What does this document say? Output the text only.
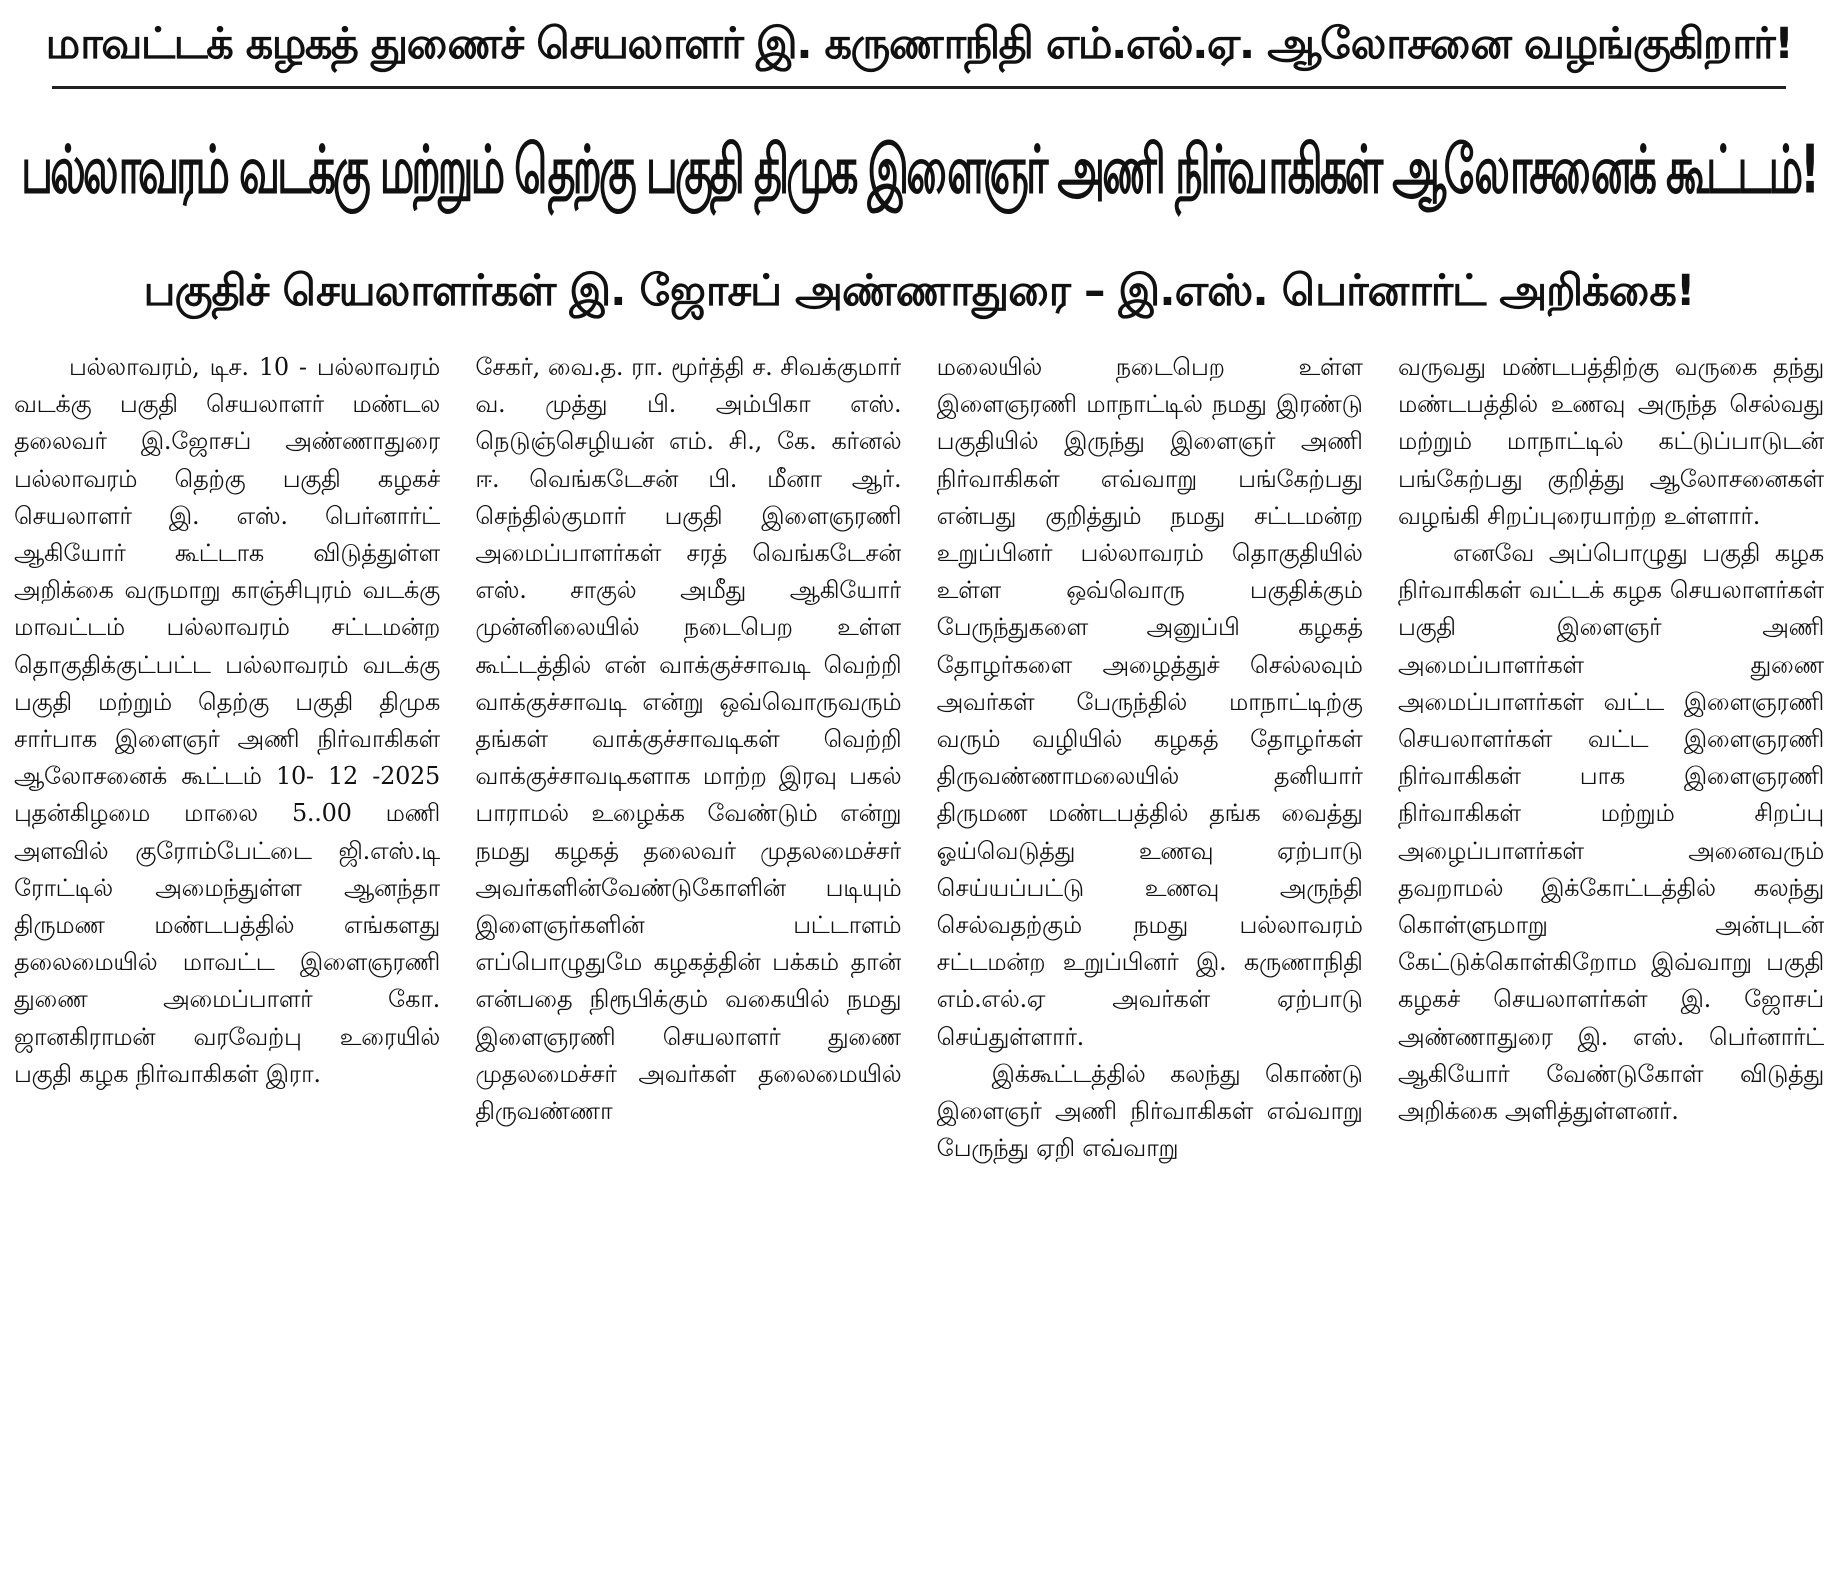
மாவட்டக் கழகத் துணைச் செயலாளர் இ. கருணாநிதி எம்.எல்.ஏ. ஆலோசனை வழங்குகிறார்!
பல்லாவரம் வடக்கு மற்றும் தெற்கு பகுதி திமுக இளைஞர் அணி நிர்வாகிகள் ஆலோசனைக் கூட்டம்!
பகுதிச் செயலாளர்கள் இ. ஜோசப் அண்ணாதுரை – இ.எஸ். பெர்னார்ட் அறிக்கை!

பல்லாவரம், டிச. 10 - பல்லாவரம் வடக்கு பகுதி செயலாளர் மண்டல தலைவர் இ.ஜோசப் அண்ணாதுரை பல்லாவரம் தெற்கு பகுதி கழகச் செயலாளர் இ. எஸ். பெர்னார்ட் ஆகியோர் கூட்டாக விடுத்துள்ள அறிக்கை வருமாறு காஞ்சிபுரம் வடக்கு மாவட்டம் பல்லாவரம் சட்டமன்ற தொகுதிக்குட்பட்ட பல்லாவரம் வடக்கு பகுதி மற்றும் தெற்கு பகுதி திமுக சார்பாக இளைஞர் அணி நிர்வாகிகள் ஆலோசனைக் கூட்டம் 10- 12 -2025 புதன்கிழமை மாலை 5..00 மணி அளவில் குரோம்பேட்டை ஜி.எஸ்.டி ரோட்டில் அமைந்துள்ள ஆனந்தா திருமண மண்டபத்தில் எங்களது தலைமையில் மாவட்ட இளைஞரணி துணை அமைப்பாளர் கோ. ஜானகிராமன் வரவேற்பு உரையில் பகுதி கழக நிர்வாகிகள் இரா.

சேகர், வை.த. ரா. மூர்த்தி ச. சிவக்குமார் வ. முத்து பி. அம்பிகா எஸ். நெடுஞ்செழியன் எம். சி., கே. கர்னல் ஈ. வெங்கடேசன் பி. மீனா ஆர். செந்தில்குமார் பகுதி இளைஞரணி அமைப்பாளர்கள் சரத் வெங்கடேசன் எஸ். சாகுல் அமீது ஆகியோர் முன்னிலையில் நடைபெற உள்ள கூட்டத்தில் என் வாக்குச்சாவடி வெற்றி வாக்குச்சாவடி என்று ஒவ்வொருவரும் தங்கள் வாக்குச்சாவடிகள் வெற்றி வாக்குச்சாவடிகளாக மாற்ற இரவு பகல் பாராமல் உழைக்க வேண்டும் என்று நமது கழகத் தலைவர் முதலமைச்சர் அவர்களின்வேண்டுகோளின் படியும் இளைஞர்களின் பட்டாளம் எப்பொழுதுமே கழகத்தின் பக்கம் தான் என்பதை நிரூபிக்கும் வகையில் நமது இளைஞரணி செயலாளர் துணை முதலமைச்சர் அவர்கள் தலைமையில் திருவண்ணா

மலையில் நடைபெற உள்ள இளைஞரணி மாநாட்டில் நமது இரண்டு பகுதியில் இருந்து இளைஞர் அணி நிர்வாகிகள் எவ்வாறு பங்கேற்பது என்பது குறித்தும் நமது சட்டமன்ற உறுப்பினர் பல்லாவரம் தொகுதியில் உள்ள ஒவ்வொரு பகுதிக்கும் பேருந்துகளை அனுப்பி கழகத் தோழர்களை அழைத்துச் செல்லவும் அவர்கள் பேருந்தில் மாநாட்டிற்கு வரும் வழியில் கழகத் தோழர்கள் திருவண்ணாமலையில் தனியார் திருமண மண்டபத்தில் தங்க வைத்து ஓய்வெடுத்து உணவு ஏற்பாடு செய்யப்பட்டு உணவு அருந்தி செல்வதற்கும் நமது பல்லாவரம் சட்டமன்ற உறுப்பினர் இ. கருணாநிதி எம்.எல்.ஏ அவர்கள் ஏற்பாடு செய்துள்ளார்.

இக்கூட்டத்தில் கலந்து கொண்டு இளைஞர் அணி நிர்வாகிகள் எவ்வாறு பேருந்து ஏறி எவ்வாறு

வருவது மண்டபத்திற்கு வருகை தந்து மண்டபத்தில் உணவு அருந்த செல்வது மற்றும் மாநாட்டில் கட்டுப்பாடுடன் பங்கேற்பது குறித்து ஆலோசனைகள் வழங்கி சிறப்புரையாற்ற உள்ளார்.

எனவே அப்பொழுது பகுதி கழக நிர்வாகிகள் வட்டக் கழக செயலாளர்கள் பகுதி இளைஞர் அணி அமைப்பாளர்கள் துணை அமைப்பாளர்கள் வட்ட இளைஞரணி செயலாளர்கள் வட்ட இளைஞரணி நிர்வாகிகள் பாக இளைஞரணி நிர்வாகிகள் மற்றும் சிறப்பு அழைப்பாளர்கள் அனைவரும் தவறாமல் இக்கோட்டத்தில் கலந்து கொள்ளுமாறு அன்புடன் கேட்டுக்கொள்கிறோம இவ்வாறு பகுதி கழகச் செயலாளர்கள் இ. ஜோசப் அண்ணாதுரை இ. எஸ். பெர்னார்ட் ஆகியோர் வேண்டுகோள் விடுத்து அறிக்கை அளித்துள்ளனர்.
